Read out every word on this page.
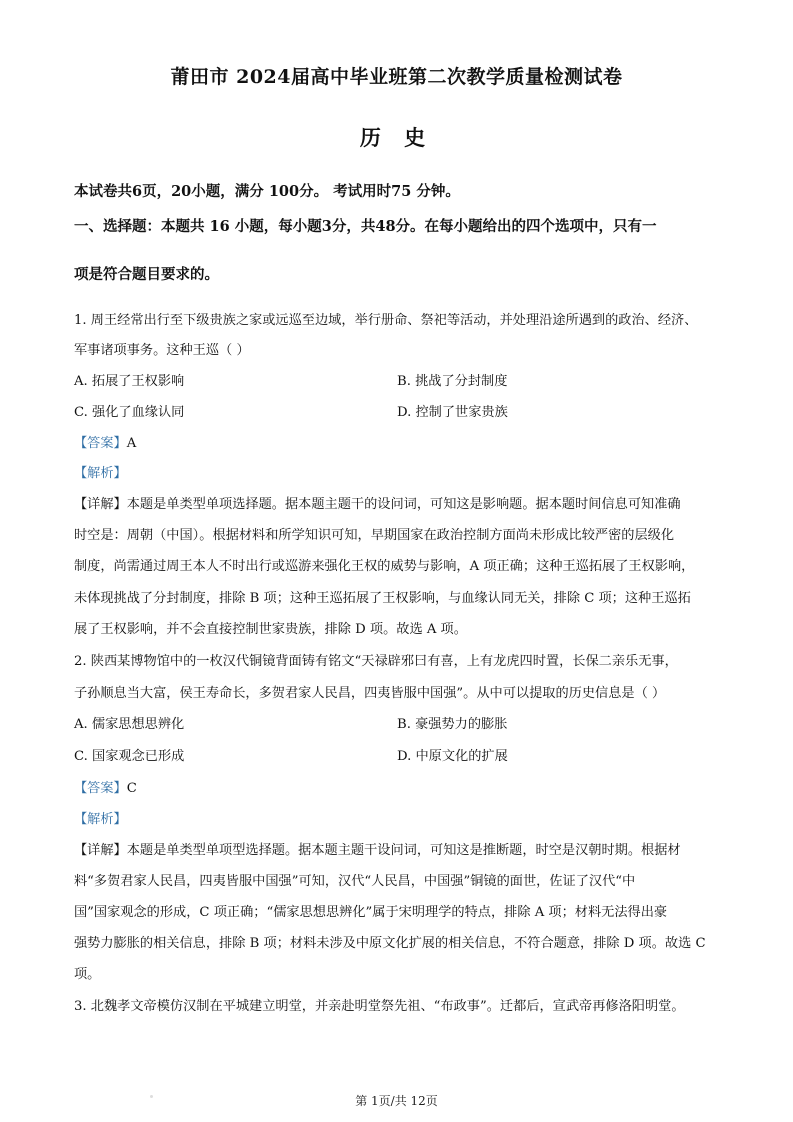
莆田市 2024届高中毕业班第二次教学质量检测试卷
历 史
本试卷共6页，20小题，满分 100分。 考试用时75 分钟。
一、选择题：本题共 16 小题，每小题3分，共48分。在每小题给出的四个选项中，只有一
项是符合题目要求的。
1. 周王经常出行至下级贵族之家或远巡至边域，举行册命、祭祀等活动，并处理沿途所遇到的政治、经济、
军事诸项事务。这种王巡（ ）
A. 拓展了王权影响	B. 挑战了分封制度
C. 强化了血缘认同	D. 控制了世家贵族
【答案】A
【解析】
【详解】本题是单类型单项选择题。据本题主题干的设问词，可知这是影响题。据本题时间信息可知准确
时空是：周朝（中国）。根据材料和所学知识可知，早期国家在政治控制方面尚未形成比较严密的层级化
制度，尚需通过周王本人不时出行或巡游来强化王权的威势与影响，A 项正确；这种王巡拓展了王权影响，
未体现挑战了分封制度，排除 B 项；这种王巡拓展了王权影响，与血缘认同无关，排除 C 项；这种王巡拓
展了王权影响，并不会直接控制世家贵族，排除 D 项。故选 A 项。
2. 陕西某博物馆中的一枚汉代铜镜背面铸有铭文“天禄辟邪曰有喜，上有龙虎四时置，长保二亲乐无事，
子孙顺息当大富，侯王寿命长，多贺君家人民昌，四夷皆服中国强”。从中可以提取的历史信息是（ ）
A. 儒家思想思辨化	B. 豪强势力的膨胀
C. 国家观念已形成	D. 中原文化的扩展
【答案】C
【解析】
【详解】本题是单类型单项型选择题。据本题主题干设问词，可知这是推断题，时空是汉朝时期。根据材
料“多贺君家人民昌，四夷皆服中国强”可知，汉代“人民昌，中国强”铜镜的面世，佐证了汉代“中
国”国家观念的形成，C 项正确；“儒家思想思辨化”属于宋明理学的特点，排除 A 项；材料无法得出豪
强势力膨胀的相关信息，排除 B 项；材料未涉及中原文化扩展的相关信息，不符合题意，排除 D 项。故选 C
项。
3. 北魏孝文帝模仿汉制在平城建立明堂，并亲赴明堂祭先祖、“布政事”。迁都后，宣武帝再修洛阳明堂。
第 1页/共 12页
